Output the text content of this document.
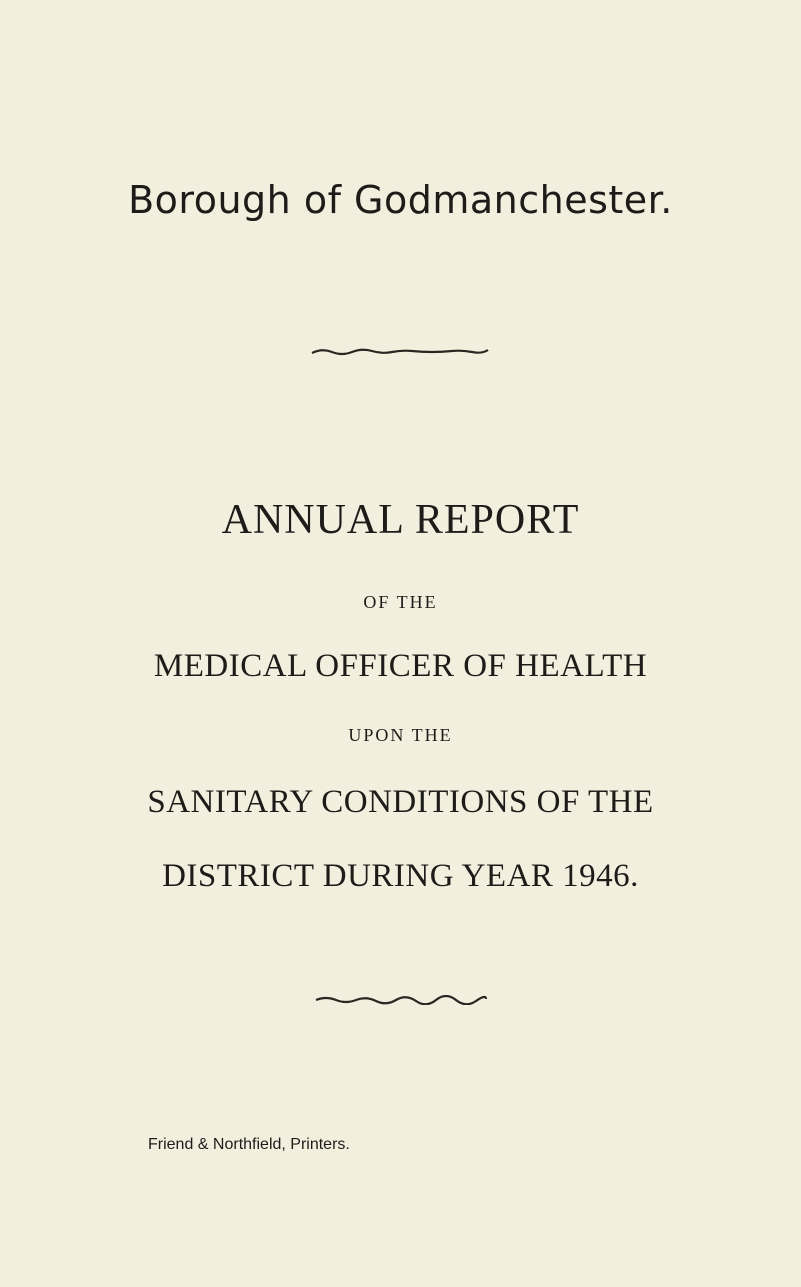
Borough of Godmanchester.
ANNUAL REPORT
OF THE
MEDICAL OFFICER OF HEALTH
UPON THE
SANITARY CONDITIONS OF THE
DISTRICT DURING YEAR 1946.
Friend & Northfield, Printers.
